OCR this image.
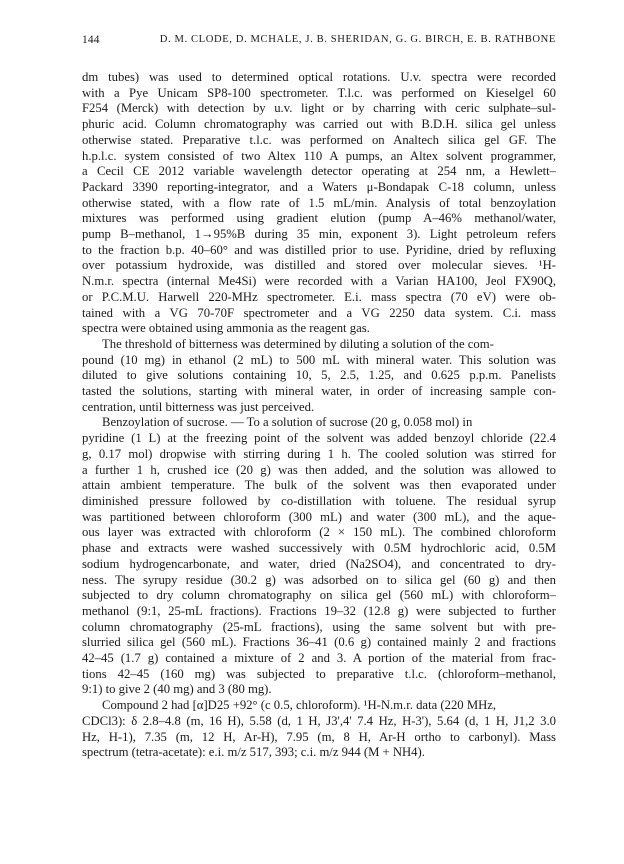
144	D. M. CLODE, D. MCHALE, J. B. SHERIDAN, G. G. BIRCH, E. B. RATHBONE

dm tubes) was used to determined optical rotations. U.v. spectra were recorded
with a Pye Unicam SP8-100 spectrometer. T.l.c. was performed on Kieselgel 60
F254 (Merck) with detection by u.v. light or by charring with ceric sulphate–sul-
phuric acid. Column chromatography was carried out with B.D.H. silica gel unless
otherwise stated. Preparative t.l.c. was performed on Analtech silica gel GF. The
h.p.l.c. system consisted of two Altex 110 A pumps, an Altex solvent programmer,
a Cecil CE 2012 variable wavelength detector operating at 254 nm, a Hewlett–
Packard 3390 reporting-integrator, and a Waters μ-Bondapak C-18 column, unless
otherwise stated, with a flow rate of 1.5 mL/min. Analysis of total benzoylation
mixtures was performed using gradient elution (pump A–46% methanol/water,
pump B–methanol, 1→95%B during 35 min, exponent 3). Light petroleum refers
to the fraction b.p. 40–60° and was distilled prior to use. Pyridine, dried by refluxing
over potassium hydroxide, was distilled and stored over molecular sieves. ¹H-
N.m.r. spectra (internal Me4Si) were recorded with a Varian HA100, Jeol FX90Q,
or P.C.M.U. Harwell 220-MHz spectrometer. E.i. mass spectra (70 eV) were ob-
tained with a VG 70-70F spectrometer and a VG 2250 data system. C.i. mass
spectra were obtained using ammonia as the reagent gas.

The threshold of bitterness was determined by diluting a solution of the com-
pound (10 mg) in ethanol (2 mL) to 500 mL with mineral water. This solution was
diluted to give solutions containing 10, 5, 2.5, 1.25, and 0.625 p.p.m. Panelists
tasted the solutions, starting with mineral water, in order of increasing sample con-
centration, until bitterness was just perceived.

Benzoylation of sucrose. — To a solution of sucrose (20 g, 0.058 mol) in
pyridine (1 L) at the freezing point of the solvent was added benzoyl chloride (22.4
g, 0.17 mol) dropwise with stirring during 1 h. The cooled solution was stirred for
a further 1 h, crushed ice (20 g) was then added, and the solution was allowed to
attain ambient temperature. The bulk of the solvent was then evaporated under
diminished pressure followed by co-distillation with toluene. The residual syrup
was partitioned between chloroform (300 mL) and water (300 mL), and the aque-
ous layer was extracted with chloroform (2 × 150 mL). The combined chloroform
phase and extracts were washed successively with 0.5M hydrochloric acid, 0.5M
sodium hydrogencarbonate, and water, dried (Na2SO4), and concentrated to dry-
ness. The syrupy residue (30.2 g) was adsorbed on to silica gel (60 g) and then
subjected to dry column chromatography on silica gel (560 mL) with chloroform–
methanol (9:1, 25-mL fractions). Fractions 19–32 (12.8 g) were subjected to further
column chromatography (25-mL fractions), using the same solvent but with pre-
slurried silica gel (560 mL). Fractions 36–41 (0.6 g) contained mainly 2 and fractions
42–45 (1.7 g) contained a mixture of 2 and 3. A portion of the material from frac-
tions 42–45 (160 mg) was subjected to preparative t.l.c. (chloroform–methanol,
9:1) to give 2 (40 mg) and 3 (80 mg).

Compound 2 had [α]D25 +92° (c 0.5, chloroform). ¹H-N.m.r. data (220 MHz,
CDCl3): δ 2.8–4.8 (m, 16 H), 5.58 (d, 1 H, J3',4' 7.4 Hz, H-3'), 5.64 (d, 1 H, J1,2 3.0
Hz, H-1), 7.35 (m, 12 H, Ar-H), 7.95 (m, 8 H, Ar-H ortho to carbonyl). Mass
spectrum (tetra-acetate): e.i. m/z 517, 393; c.i. m/z 944 (M + NH4).
